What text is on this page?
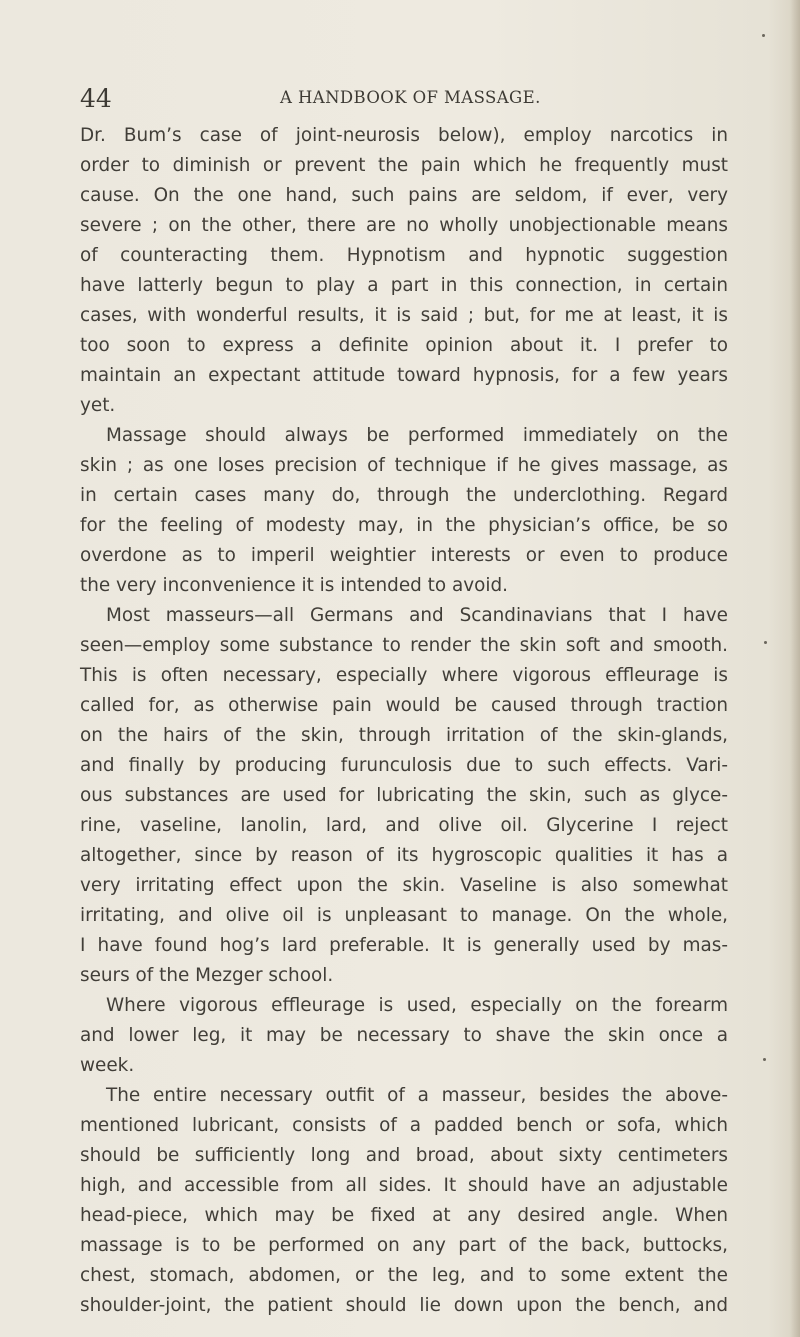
44	A HANDBOOK OF MASSAGE.
Dr. Bum’s case of joint-neurosis below), employ narcotics in
order to diminish or prevent the pain which he frequently must
cause. On the one hand, such pains are seldom, if ever, very
severe ; on the other, there are no wholly unobjectionable means
of counteracting them. Hypnotism and hypnotic suggestion
have latterly begun to play a part in this connection, in certain
cases, with wonderful results, it is said ; but, for me at least, it is
too soon to express a definite opinion about it. I prefer to
maintain an expectant attitude toward hypnosis, for a few years
yet.
Massage should always be performed immediately on the
skin ; as one loses precision of technique if he gives massage, as
in certain cases many do, through the underclothing. Regard
for the feeling of modesty may, in the physician’s office, be so
overdone as to imperil weightier interests or even to produce
the very inconvenience it is intended to avoid.
Most masseurs—all Germans and Scandinavians that I have
seen—employ some substance to render the skin soft and smooth.
This is often necessary, especially where vigorous effleurage is
called for, as otherwise pain would be caused through traction
on the hairs of the skin, through irritation of the skin-glands,
and finally by producing furunculosis due to such effects. Vari-
ous substances are used for lubricating the skin, such as glyce-
rine, vaseline, lanolin, lard, and olive oil. Glycerine I reject
altogether, since by reason of its hygroscopic qualities it has a
very irritating effect upon the skin. Vaseline is also somewhat
irritating, and olive oil is unpleasant to manage. On the whole,
I have found hog’s lard preferable. It is generally used by mas-
seurs of the Mezger school.
Where vigorous effleurage is used, especially on the forearm
and lower leg, it may be necessary to shave the skin once a
week.
The entire necessary outfit of a masseur, besides the above-
mentioned lubricant, consists of a padded bench or sofa, which
should be sufficiently long and broad, about sixty centimeters
high, and accessible from all sides. It should have an adjustable
head-piece, which may be fixed at any desired angle. When
massage is to be performed on any part of the back, buttocks,
chest, stomach, abdomen, or the leg, and to some extent the
shoulder-joint, the patient should lie down upon the bench, and
